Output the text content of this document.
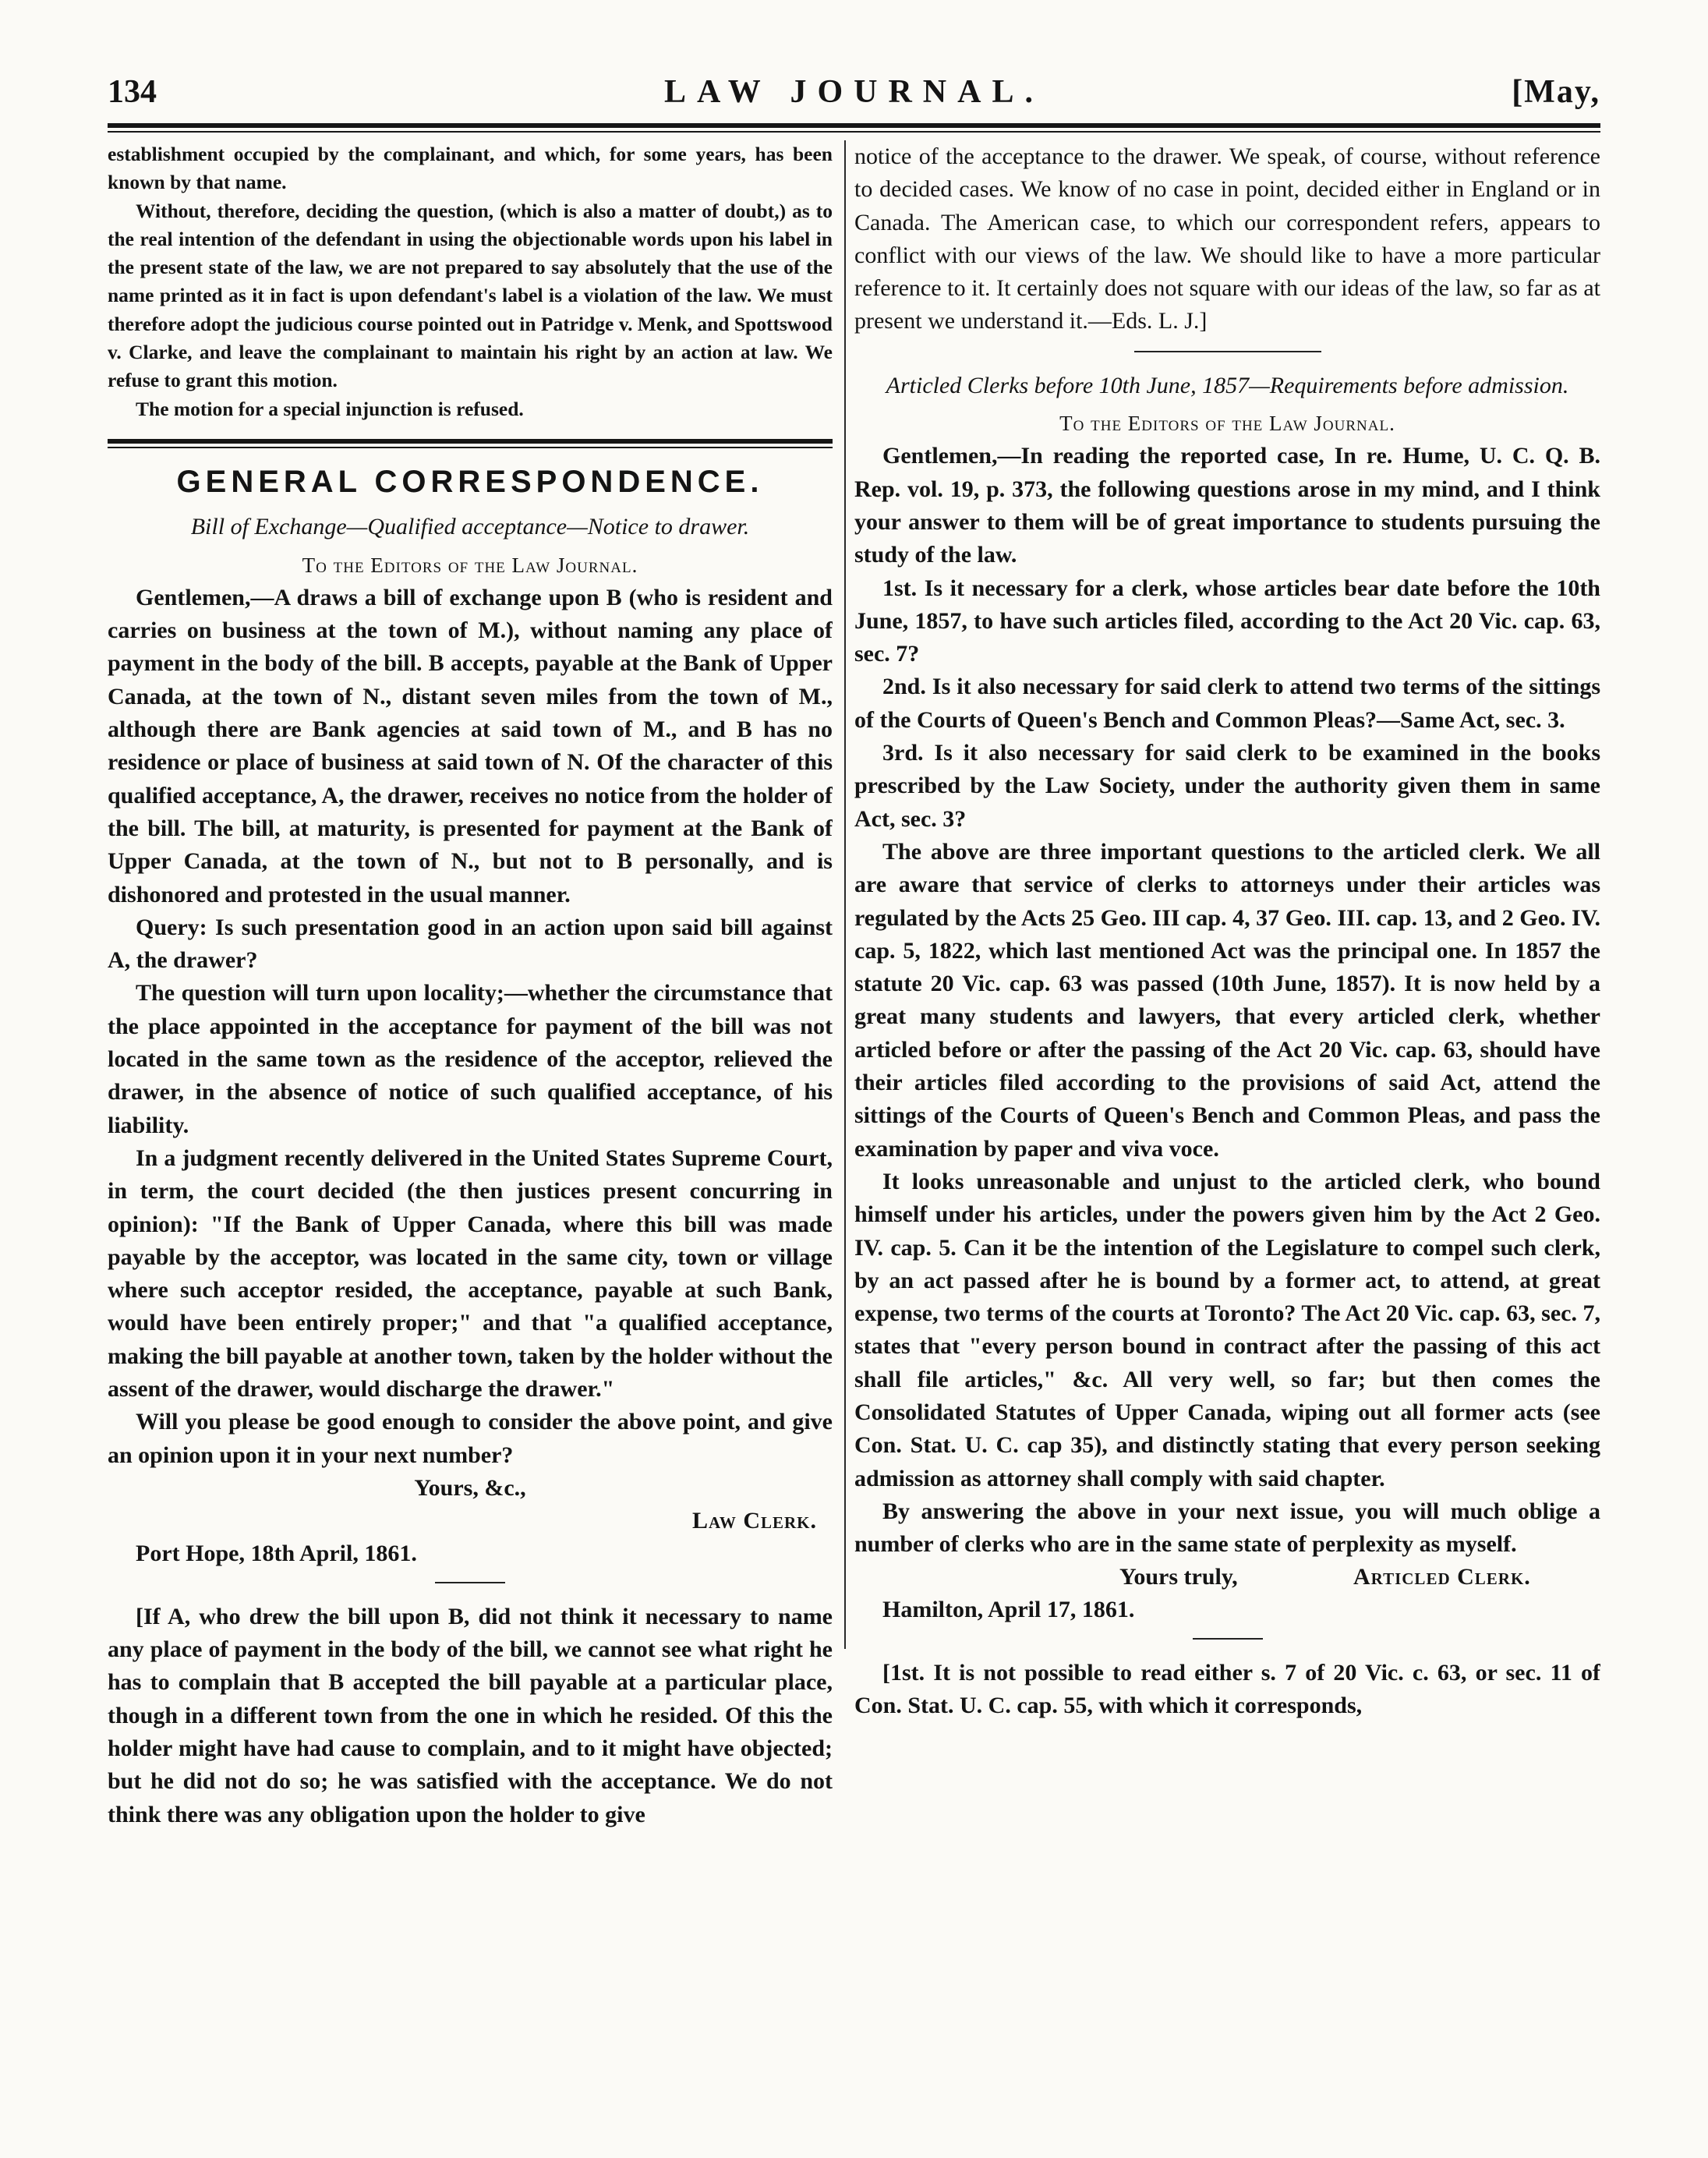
134	LAW JOURNAL.	[May,

establishment occupied by the complainant, and which, for some years, has been known by that name.

Without, therefore, deciding the question, (which is also a matter of doubt,) as to the real intention of the defendant in using the objectionable words upon his label in the present state of the law, we are not prepared to say absolutely that the use of the name printed as it in fact is upon defendant's label is a violation of the law. We must therefore adopt the judicious course pointed out in Patridge v. Menk, and Spottswood v. Clarke, and leave the complainant to maintain his right by an action at law. We refuse to grant this motion.

The motion for a special injunction is refused.

GENERAL CORRESPONDENCE.

Bill of Exchange—Qualified acceptance—Notice to drawer.

To the Editors of the Law Journal.

Gentlemen,—A draws a bill of exchange upon B (who is resident and carries on business at the town of M.), without naming any place of payment in the body of the bill. B accepts, payable at the Bank of Upper Canada, at the town of N., distant seven miles from the town of M., although there are Bank agencies at said town of M., and B has no residence or place of business at said town of N. Of the character of this qualified acceptance, A, the drawer, receives no notice from the holder of the bill. The bill, at maturity, is presented for payment at the Bank of Upper Canada, at the town of N., but not to B personally, and is dishonored and protested in the usual manner.

Query: Is such presentation good in an action upon said bill against A, the drawer?

The question will turn upon locality;—whether the circumstance that the place appointed in the acceptance for payment of the bill was not located in the same town as the residence of the acceptor, relieved the drawer, in the absence of notice of such qualified acceptance, of his liability.

In a judgment recently delivered in the United States Supreme Court, in term, the court decided (the then justices present concurring in opinion): "If the Bank of Upper Canada, where this bill was made payable by the acceptor, was located in the same city, town or village where such acceptor resided, the acceptance, payable at such Bank, would have been entirely proper;" and that "a qualified acceptance, making the bill payable at another town, taken by the holder without the assent of the drawer, would discharge the drawer."

Will you please be good enough to consider the above point, and give an opinion upon it in your next number?

Yours, &c.,

Law Clerk.

Port Hope, 18th April, 1861.

[If A, who drew the bill upon B, did not think it necessary to name any place of payment in the body of the bill, we cannot see what right he has to complain that B accepted the bill payable at a particular place, though in a different town from the one in which he resided. Of this the holder might have had cause to complain, and to it might have objected; but he did not do so; he was satisfied with the acceptance. We do not think there was any obligation upon the holder to give

notice of the acceptance to the drawer. We speak, of course, without reference to decided cases. We know of no case in point, decided either in England or in Canada. The American case, to which our correspondent refers, appears to conflict with our views of the law. We should like to have a more particular reference to it. It certainly does not square with our ideas of the law, so far as at present we understand it.—Eds. L. J.]

Articled Clerks before 10th June, 1857—Requirements before admission.

To the Editors of the Law Journal.

Gentlemen,—In reading the reported case, In re. Hume, U. C. Q. B. Rep. vol. 19, p. 373, the following questions arose in my mind, and I think your answer to them will be of great importance to students pursuing the study of the law.

1st. Is it necessary for a clerk, whose articles bear date before the 10th June, 1857, to have such articles filed, according to the Act 20 Vic. cap. 63, sec. 7?

2nd. Is it also necessary for said clerk to attend two terms of the sittings of the Courts of Queen's Bench and Common Pleas?—Same Act, sec. 3.

3rd. Is it also necessary for said clerk to be examined in the books prescribed by the Law Society, under the authority given them in same Act, sec. 3?

The above are three important questions to the articled clerk. We all are aware that service of clerks to attorneys under their articles was regulated by the Acts 25 Geo. III cap. 4, 37 Geo. III. cap. 13, and 2 Geo. IV. cap. 5, 1822, which last mentioned Act was the principal one. In 1857 the statute 20 Vic. cap. 63 was passed (10th June, 1857). It is now held by a great many students and lawyers, that every articled clerk, whether articled before or after the passing of the Act 20 Vic. cap. 63, should have their articles filed according to the provisions of said Act, attend the sittings of the Courts of Queen's Bench and Common Pleas, and pass the examination by paper and viva voce.

It looks unreasonable and unjust to the articled clerk, who bound himself under his articles, under the powers given him by the Act 2 Geo. IV. cap. 5. Can it be the intention of the Legislature to compel such clerk, by an act passed after he is bound by a former act, to attend, at great expense, two terms of the courts at Toronto? The Act 20 Vic. cap. 63, sec. 7, states that "every person bound in contract after the passing of this act shall file articles," &c. All very well, so far; but then comes the Consolidated Statutes of Upper Canada, wiping out all former acts (see Con. Stat. U. C. cap 35), and distinctly stating that every person seeking admission as attorney shall comply with said chapter.

By answering the above in your next issue, you will much oblige a number of clerks who are in the same state of perplexity as myself.

Yours truly,	Articled Clerk.

Hamilton, April 17, 1861.

[1st. It is not possible to read either s. 7 of 20 Vic. c. 63, or sec. 11 of Con. Stat. U. C. cap. 55, with which it corresponds,
